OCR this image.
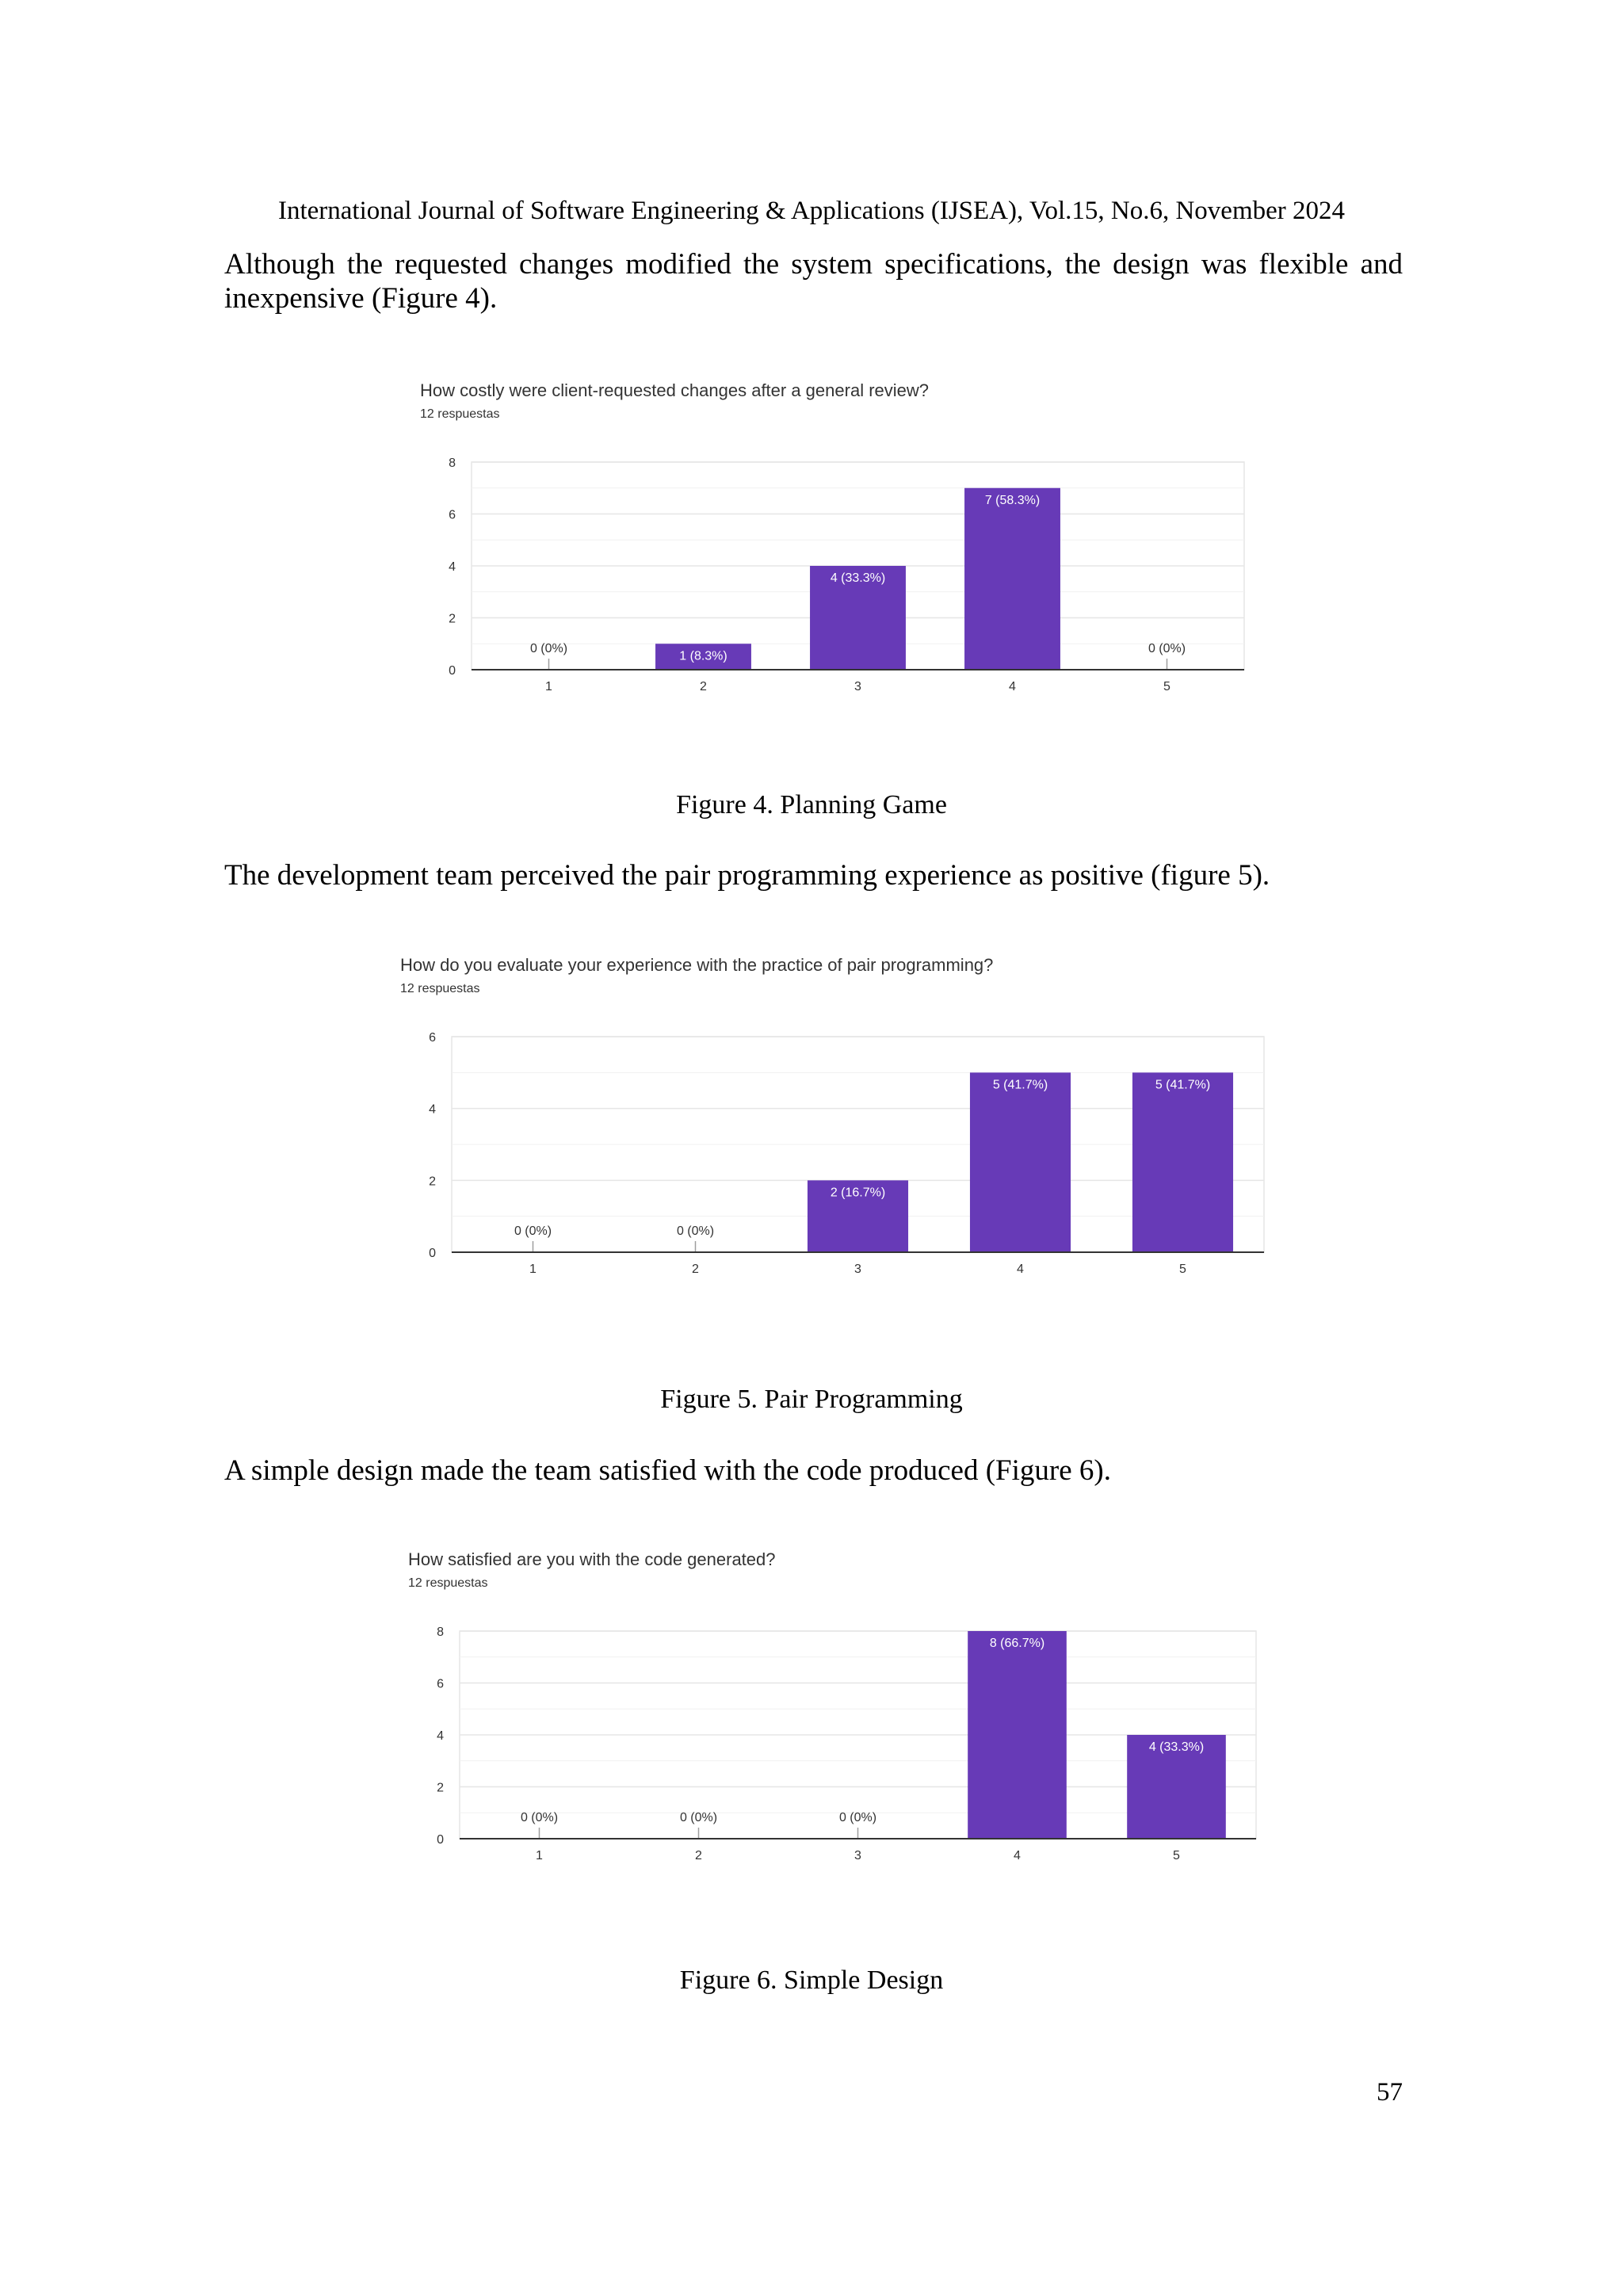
International Journal of Software Engineering & Applications (IJSEA), Vol.15, No.6, November 2024
Although the requested changes modified the system specifications, the design was flexible and inexpensive (Figure 4).
How costly were client-requested changes after a general review?
12 respuestas
0
2
4
6
8
0 (0%)
1
1 (8.3%)
2
4 (33.3%)
3
7 (58.3%)
4
0 (0%)
5
Figure 4. Planning Game
The development team perceived the pair programming experience as positive (figure 5).
How do you evaluate your experience with the practice of pair programming?
12 respuestas
0
2
4
6
0 (0%)
1
0 (0%)
2
2 (16.7%)
3
5 (41.7%)
4
5 (41.7%)
5
Figure 5. Pair Programming
A simple design made the team satisfied with the code produced (Figure 6).
How satisfied are you with the code generated?
12 respuestas
0
2
4
6
8
0 (0%)
1
0 (0%)
2
0 (0%)
3
8 (66.7%)
4
4 (33.3%)
5
Figure 6. Simple Design
57
